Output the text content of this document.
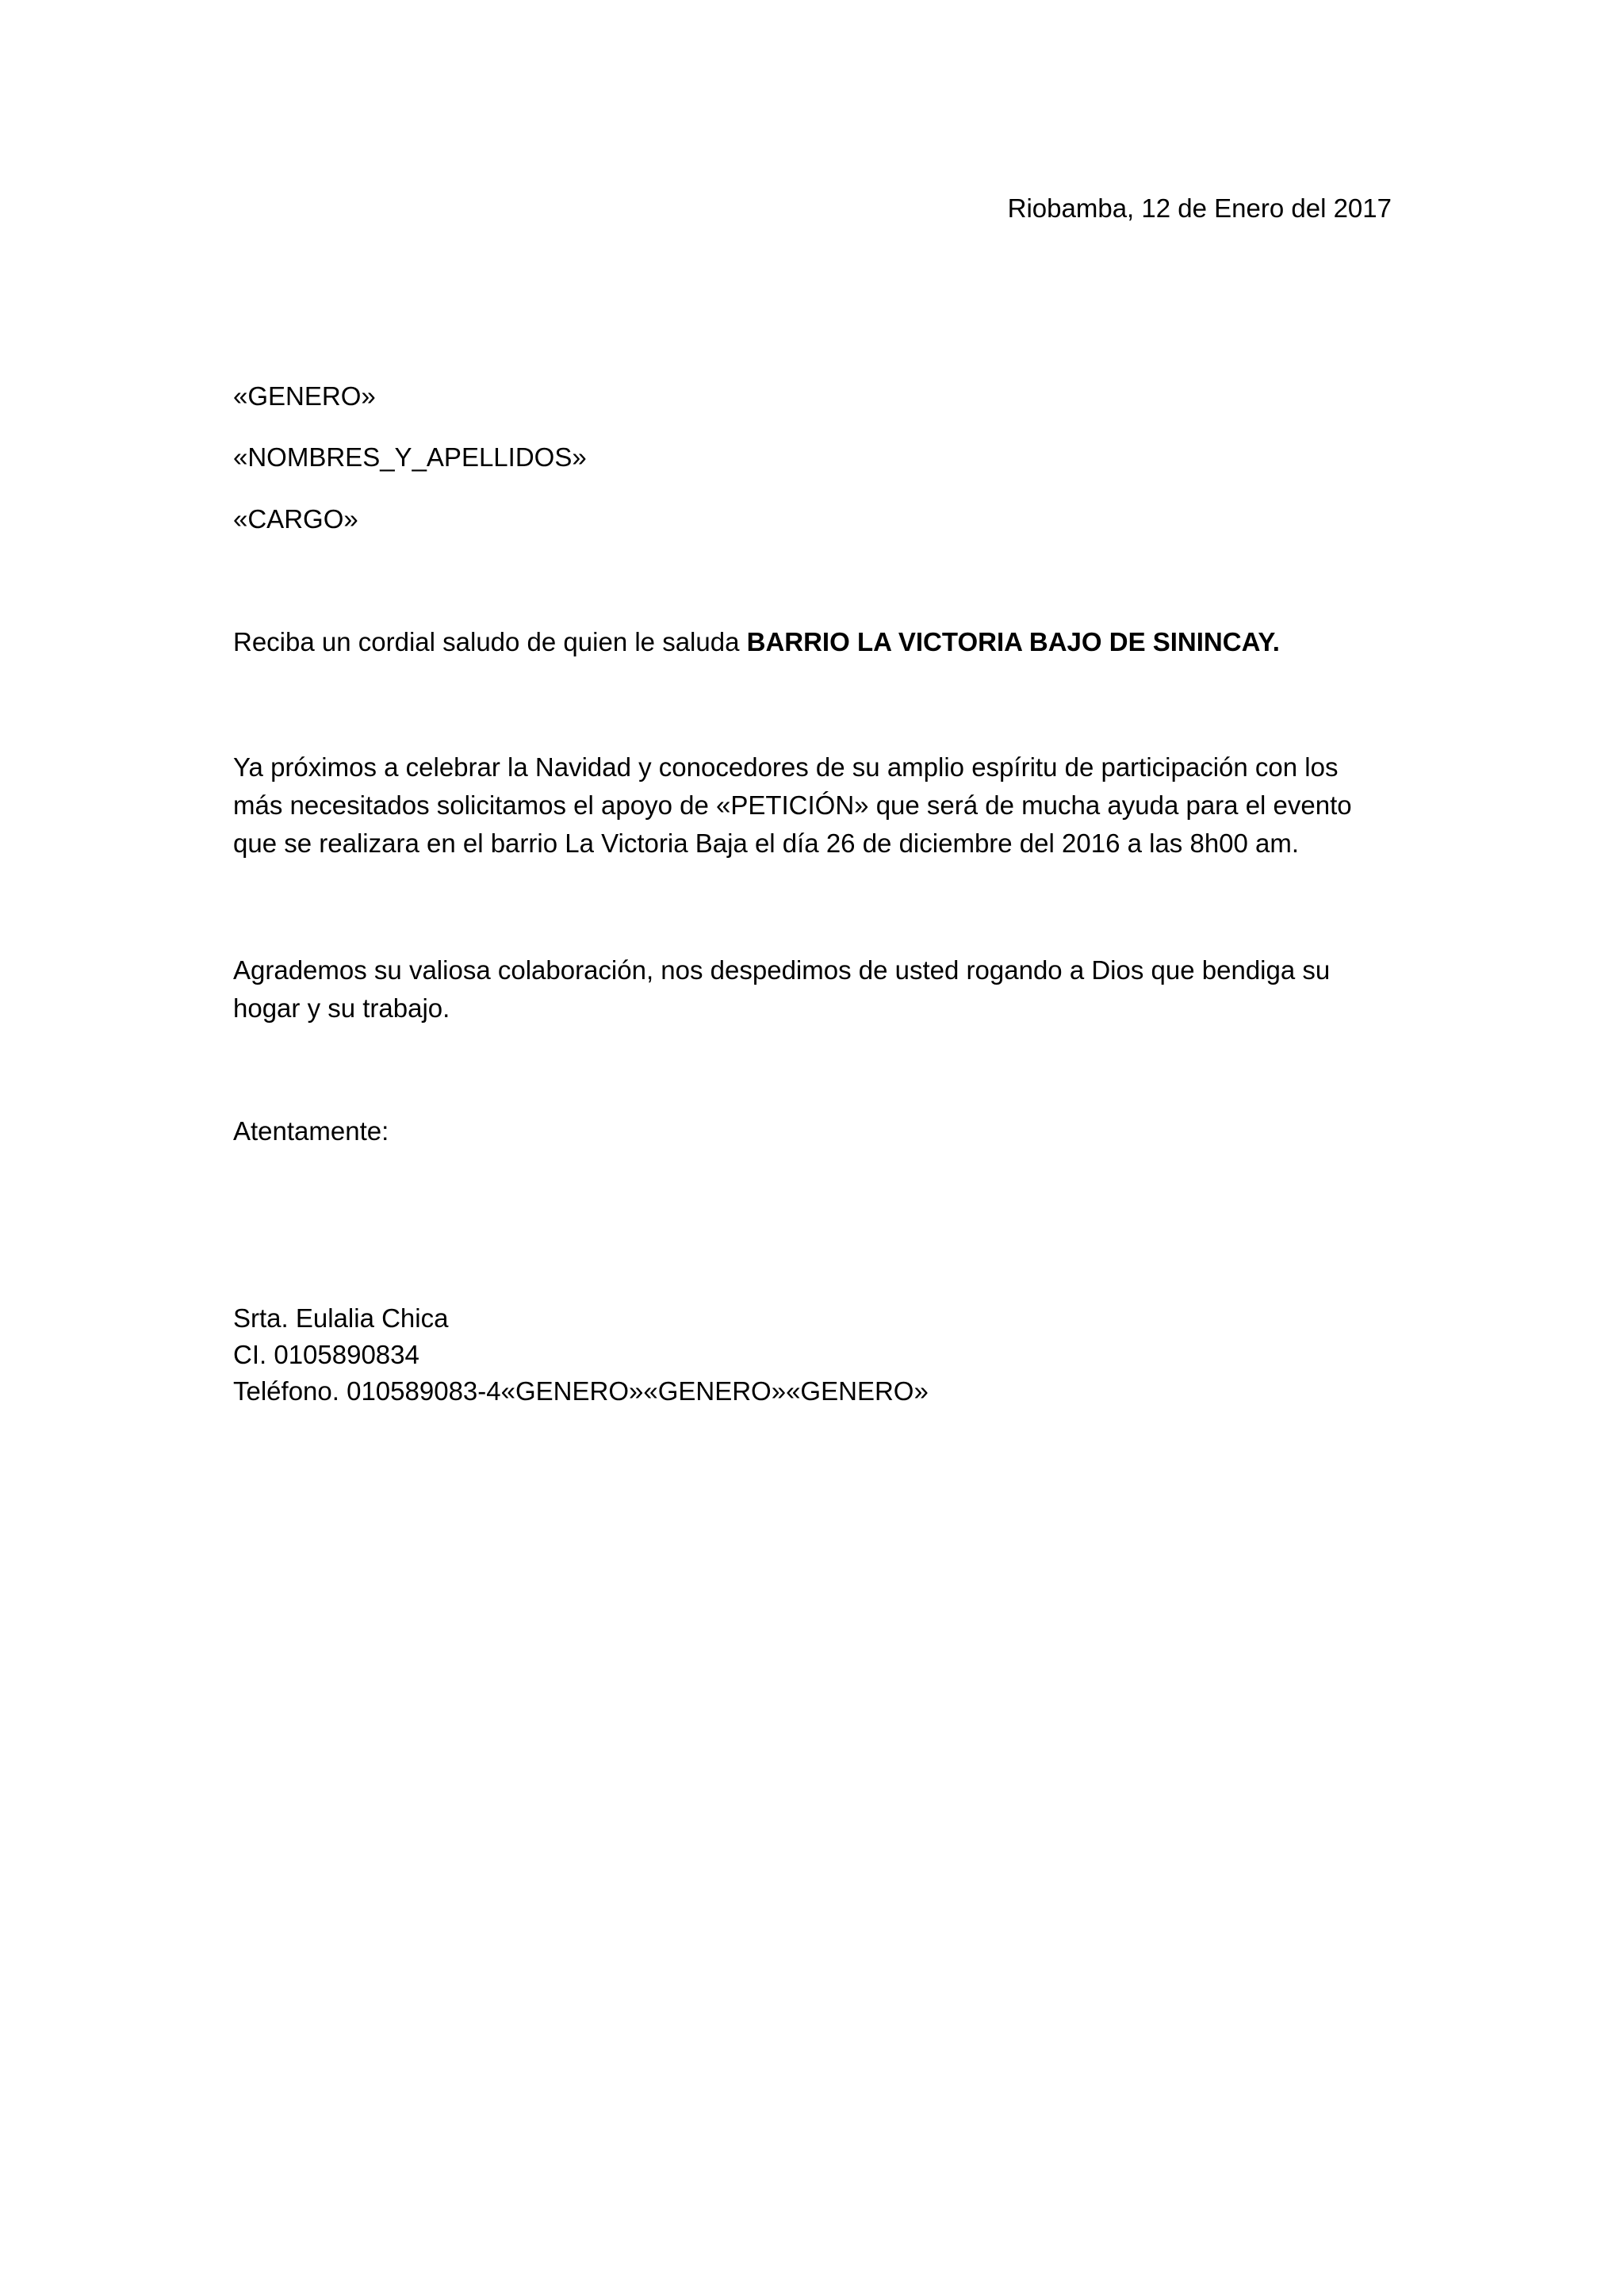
Riobamba, 12 de Enero del 2017

«GENERO»

«NOMBRES_Y_APELLIDOS»

«CARGO»

Reciba un cordial saludo de quien le saluda BARRIO LA VICTORIA BAJO DE SININCAY.

Ya próximos a celebrar la Navidad y conocedores de su amplio espíritu de participación con los
más necesitados solicitamos el apoyo de «PETICIÓN» que será de mucha ayuda para el evento
que se realizara en el barrio La Victoria Baja el día 26 de diciembre del 2016 a las 8h00 am.
Agrademos su valiosa colaboración, nos despedimos de usted rogando a Dios que bendiga su
hogar y su trabajo.

Atentamente:

Srta. Eulalia Chica
CI. 0105890834
Teléfono. 010589083-4«GENERO»«GENERO»«GENERO»
